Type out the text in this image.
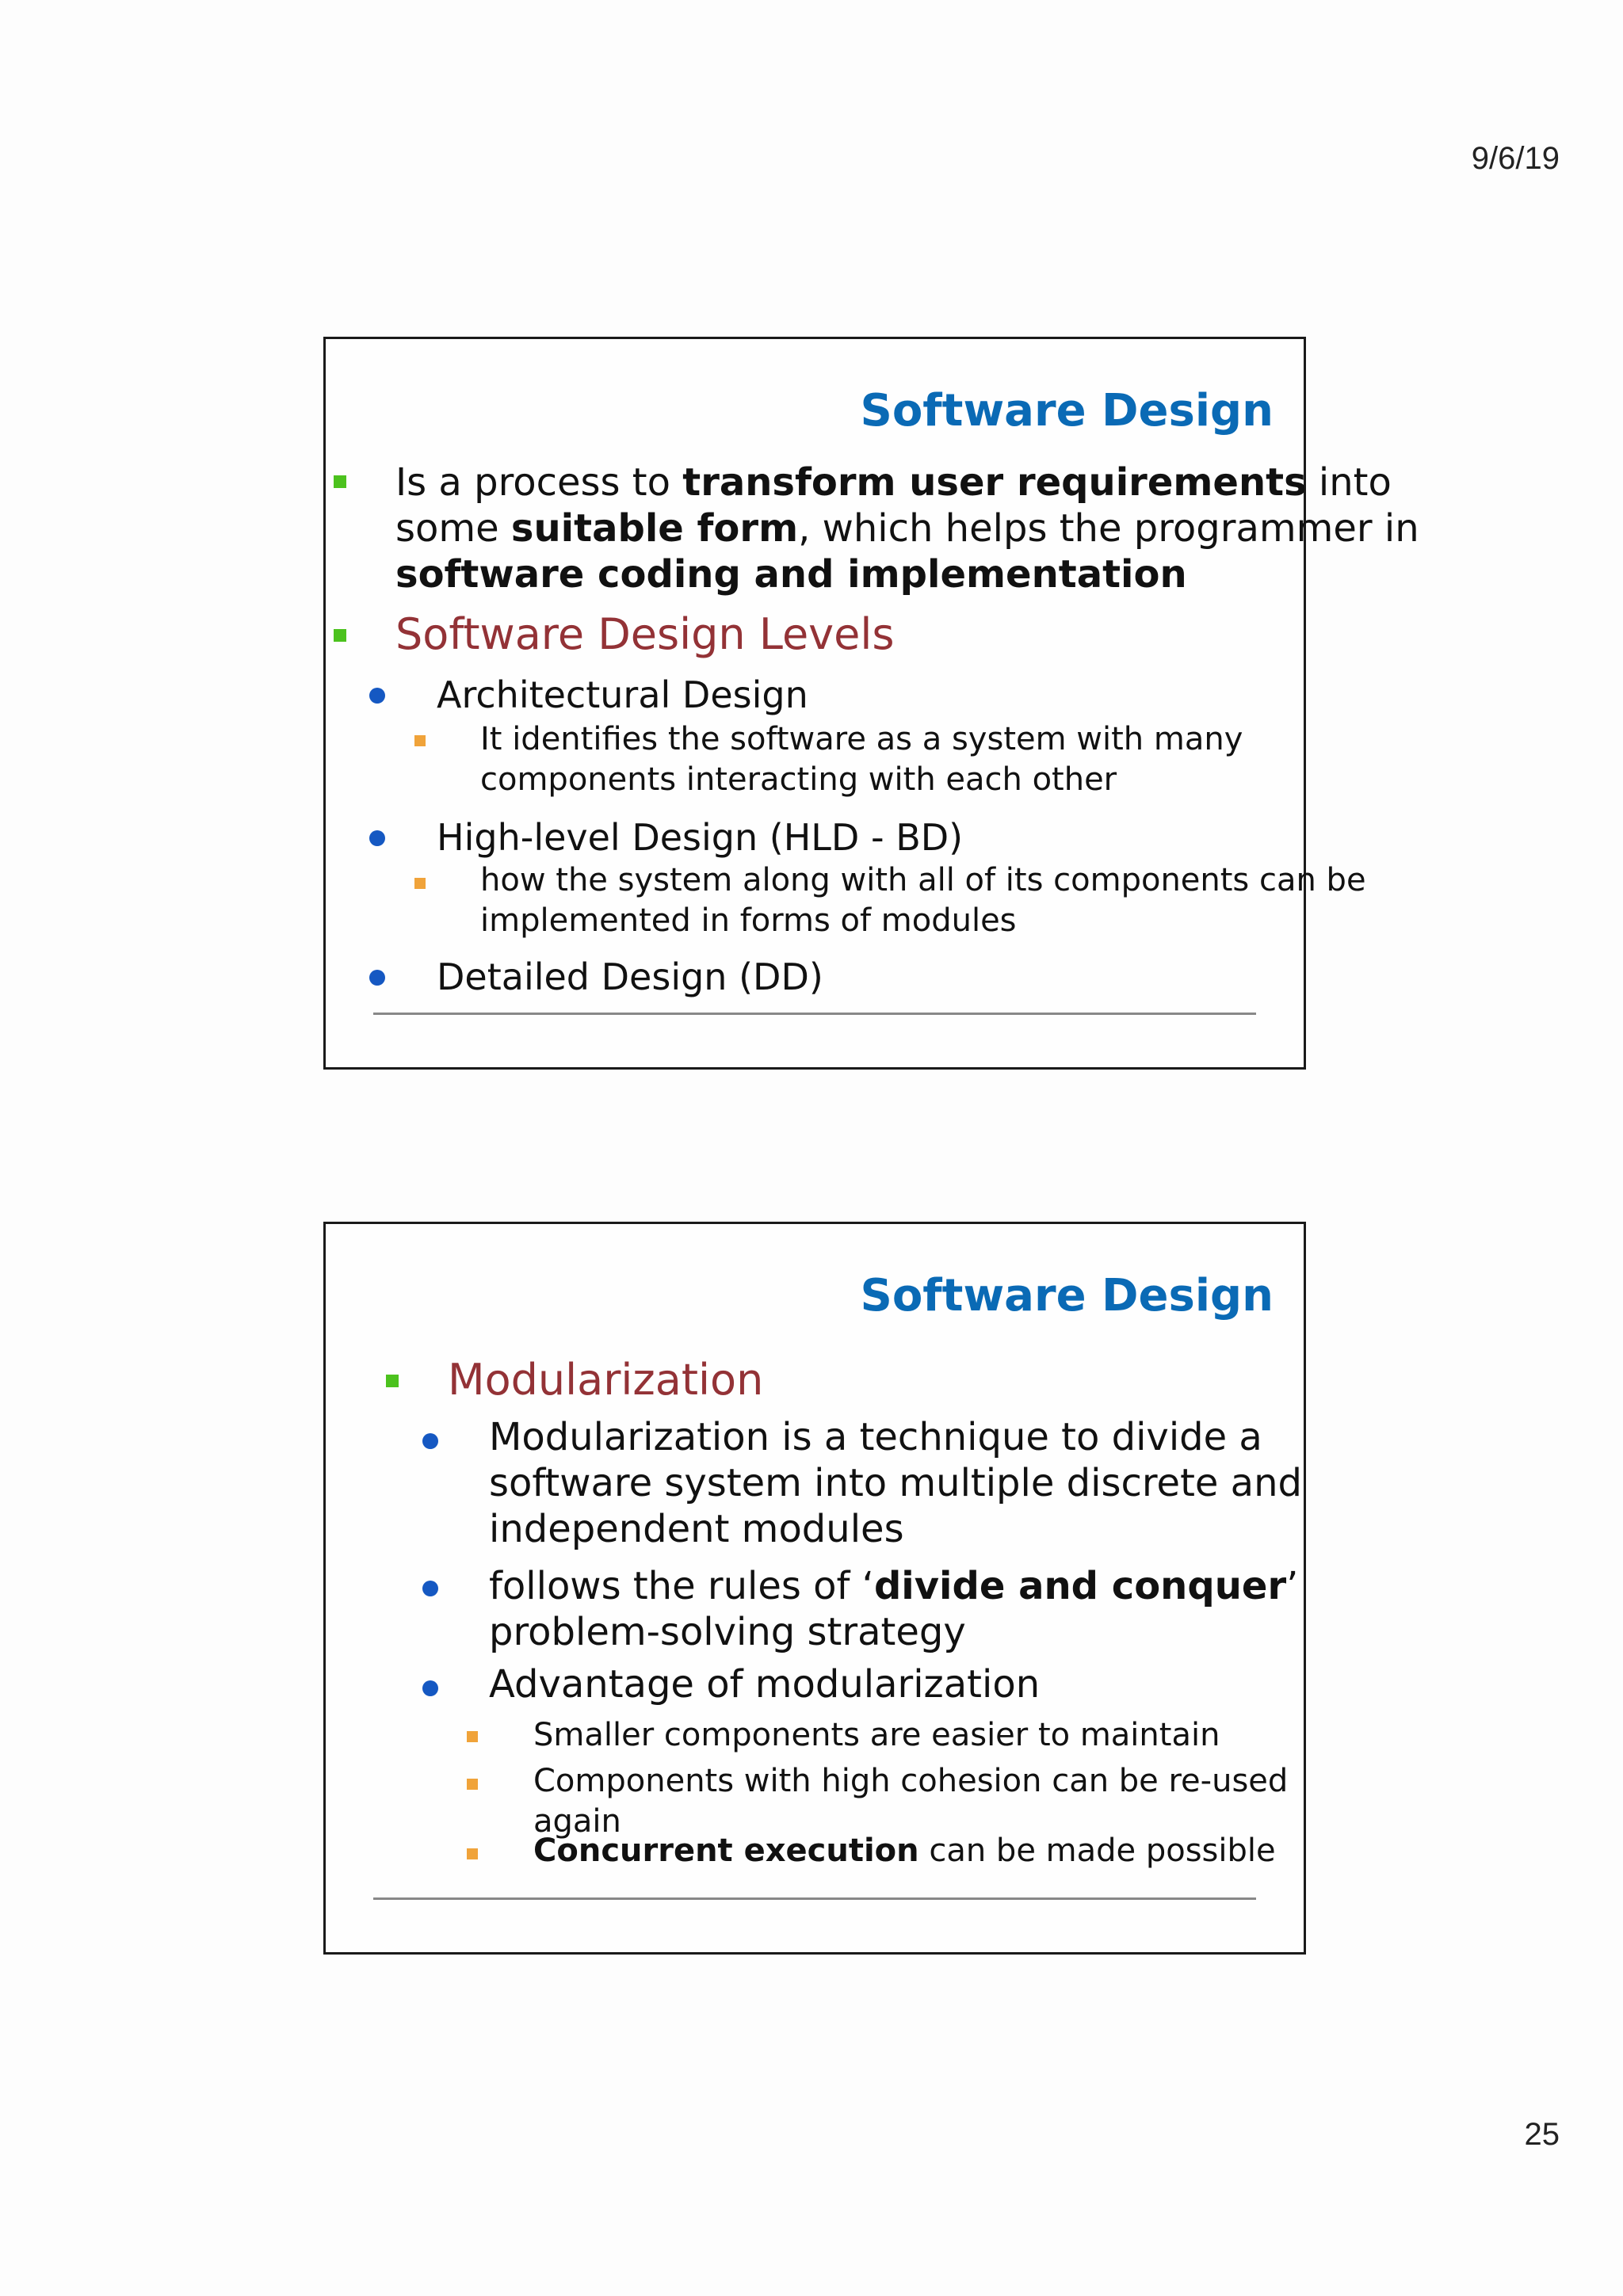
9/6/19
Software Design
Is a process to transform user requirements into
some suitable form, which helps the programmer in
software coding and implementation
Software Design Levels
Architectural Design
It identifies the software as a system with many
components interacting with each other
High-level Design (HLD - BD)
how the system along with all of its components can be
implemented in forms of modules
Detailed Design (DD)
Software Design
Modularization
Modularization is a technique to divide a
software system into multiple discrete and
independent modules
follows the rules of ‘divide and conquer’
problem-solving strategy
Advantage of modularization
Smaller components are easier to maintain
Components with high cohesion can be re-used
again
Concurrent execution can be made possible
25
